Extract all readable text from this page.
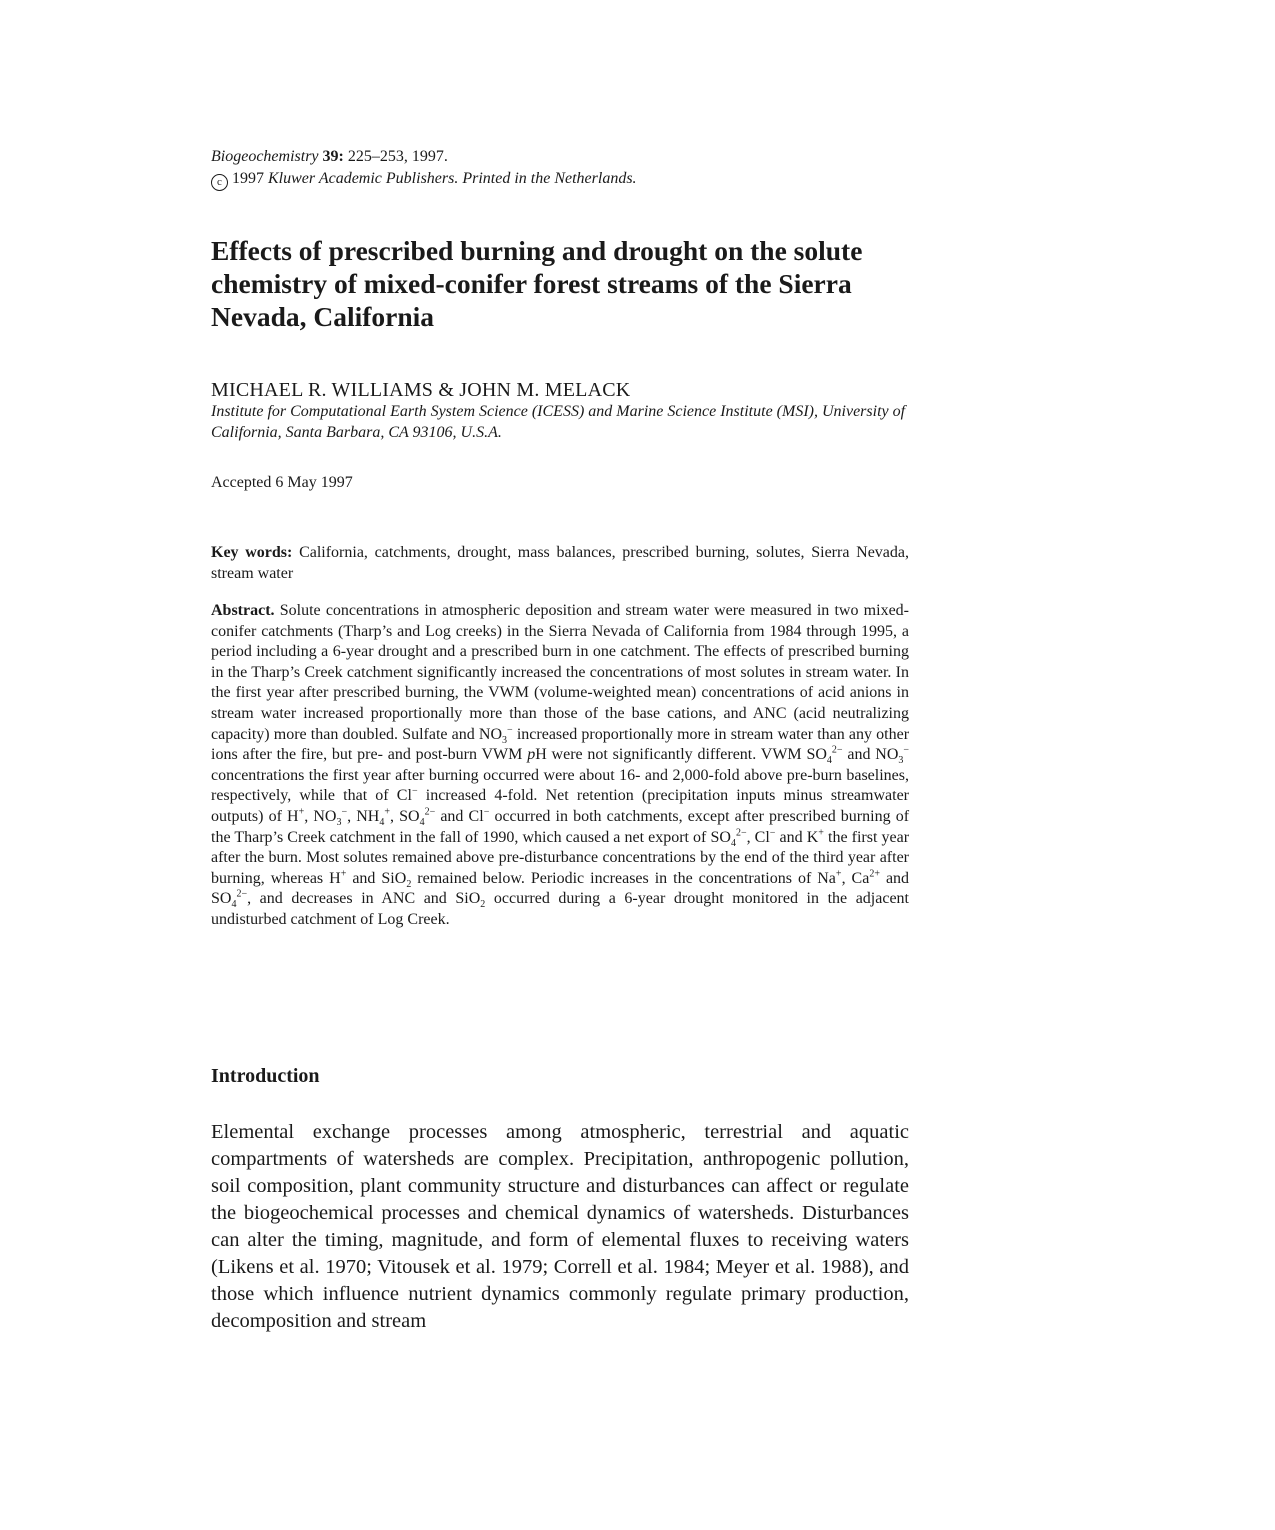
Biogeochemistry 39: 225–253, 1997.
c 1997 Kluwer Academic Publishers. Printed in the Netherlands.
Effects of prescribed burning and drought on the solute chemistry of mixed-conifer forest streams of the Sierra Nevada, California
MICHAEL R. WILLIAMS & JOHN M. MELACK
Institute for Computational Earth System Science (ICESS) and Marine Science Institute (MSI), University of California, Santa Barbara, CA 93106, U.S.A.
Accepted 6 May 1997
Key words: California, catchments, drought, mass balances, prescribed burning, solutes, Sierra Nevada, stream water

Abstract. Solute concentrations in atmospheric deposition and stream water were measured in two mixed-conifer catchments (Tharp’s and Log creeks) in the Sierra Nevada of California from 1984 through 1995, a period including a 6-year drought and a prescribed burn in one catchment. The effects of prescribed burning in the Tharp’s Creek catchment significantly increased the concentrations of most solutes in stream water. In the first year after prescribed burning, the VWM (volume-weighted mean) concentrations of acid anions in stream water increased proportionally more than those of the base cations, and ANC (acid neutralizing capacity) more than doubled. Sulfate and $NO_3^-$ increased proportionally more in stream water than any other ions after the fire, but pre- and post-burn VWM pH were not significantly different. VWM $SO_4^{2-}$ and $NO_3^-$ concentrations the first year after burning occurred were about 16- and 2,000-fold above pre-burn baselines, respectively, while that of Cl− increased 4-fold. Net retention (precipitation inputs minus streamwater outputs) of H+, $NO_3^-$, $NH_4^+$, $SO_4^{2-}$ and Cl− occurred in both catchments, except after prescribed burning of the Tharp’s Creek catchment in the fall of 1990, which caused a net export of $SO_4^{2-}$, Cl− and K+ the first year after the burn. Most solutes remained above pre-disturbance concentrations by the end of the third year after burning, whereas H+ and SiO$_2$ remained below. Periodic increases in the concentrations of Na+, $Ca^{2+}$ and $SO_4^{2-}$, and decreases in ANC and SiO$_2$ occurred during a 6-year drought monitored in the adjacent undisturbed catchment of Log Creek.

Introduction

Elemental exchange processes among atmospheric, terrestrial and aquatic compartments of watersheds are complex. Precipitation, anthropogenic pollution, soil composition, plant community structure and disturbances can affect or regulate the biogeochemical processes and chemical dynamics of watersheds. Disturbances can alter the timing, magnitude, and form of elemental fluxes to receiving waters (Likens et al. 1970; Vitousek et al. 1979; Correll et al. 1984; Meyer et al. 1988), and those which influence nutrient dynamics commonly regulate primary production, decomposition and stream
